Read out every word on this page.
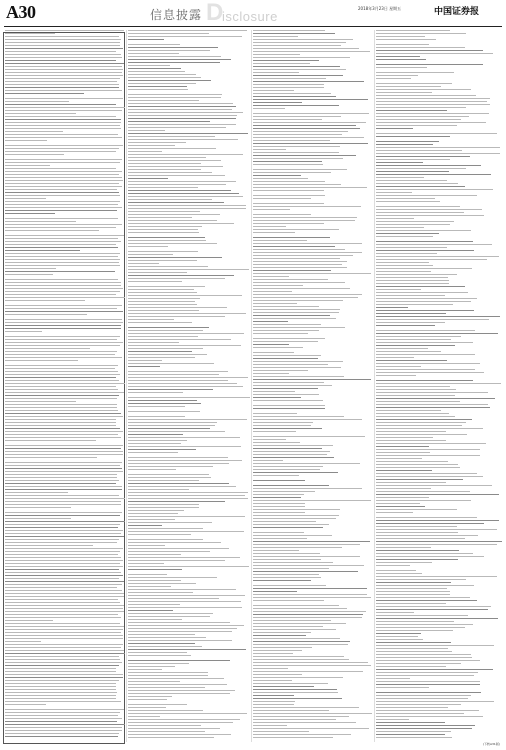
A30	信息披露 D
isclosure
2018年3月23日 星期五	中国证券报
(下转A31版)
